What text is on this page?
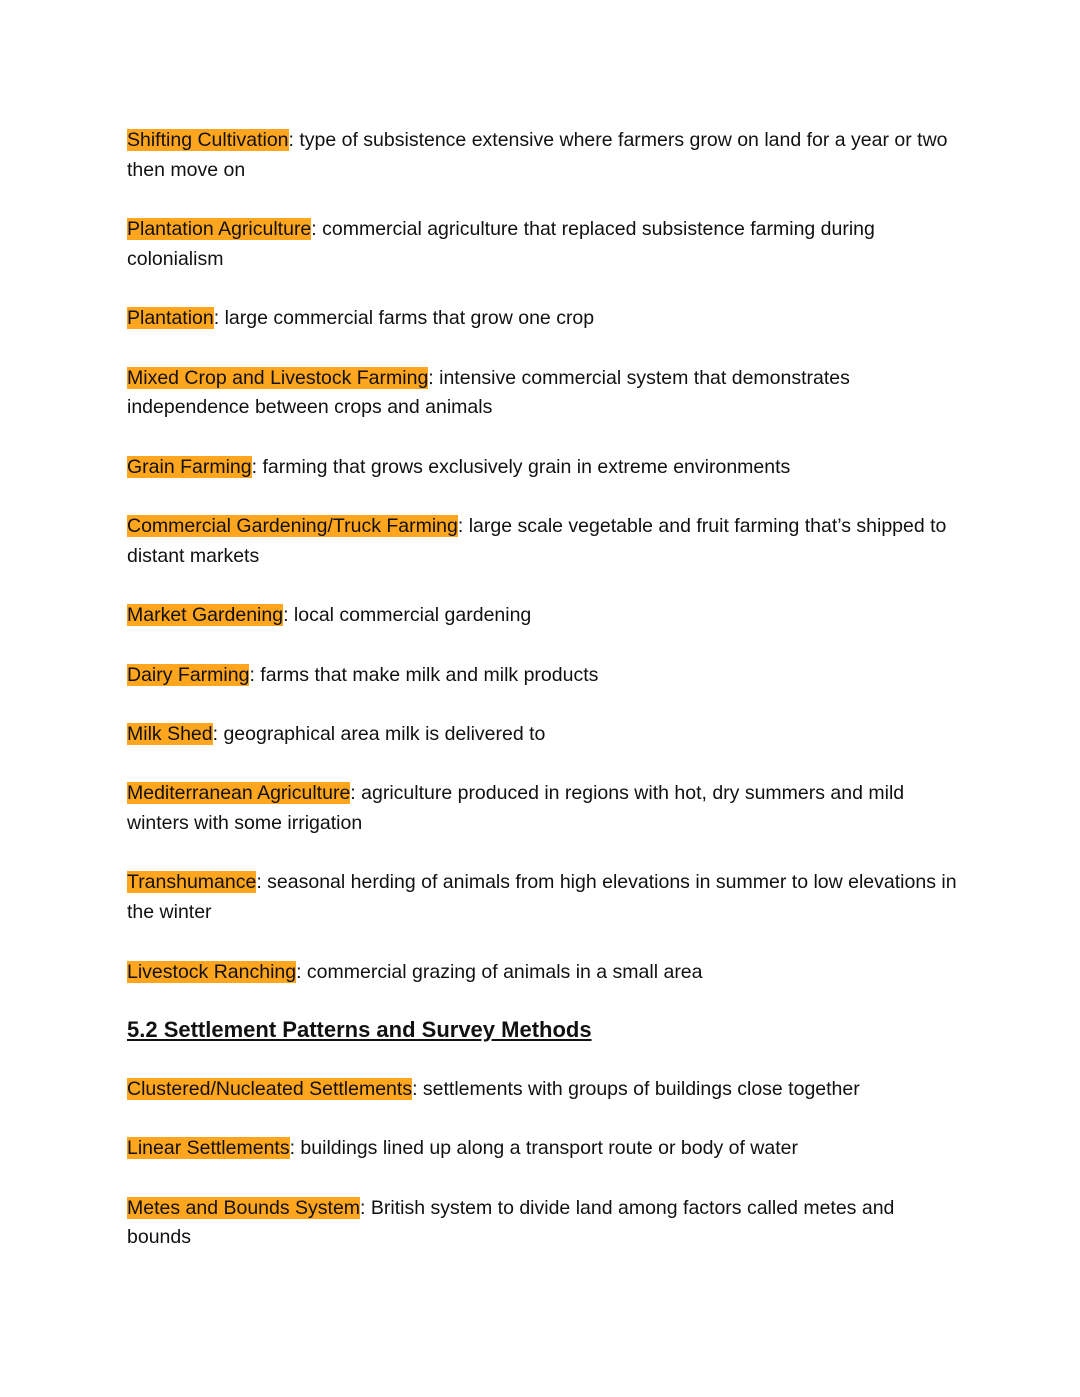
Shifting Cultivation: type of subsistence extensive where farmers grow on land for a year or two then move on

Plantation Agriculture: commercial agriculture that replaced subsistence farming during colonialism

Plantation: large commercial farms that grow one crop

Mixed Crop and Livestock Farming: intensive commercial system that demonstrates independence between crops and animals

Grain Farming: farming that grows exclusively grain in extreme environments

Commercial Gardening/Truck Farming: large scale vegetable and fruit farming that’s shipped to distant markets

Market Gardening: local commercial gardening

Dairy Farming: farms that make milk and milk products

Milk Shed: geographical area milk is delivered to

Mediterranean Agriculture: agriculture produced in regions with hot, dry summers and mild winters with some irrigation

Transhumance: seasonal herding of animals from high elevations in summer to low elevations in the winter

Livestock Ranching: commercial grazing of animals in a small area

5.2 Settlement Patterns and Survey Methods

Clustered/Nucleated Settlements: settlements with groups of buildings close together

Linear Settlements: buildings lined up along a transport route or body of water

Metes and Bounds System: British system to divide land among factors called metes and bounds
